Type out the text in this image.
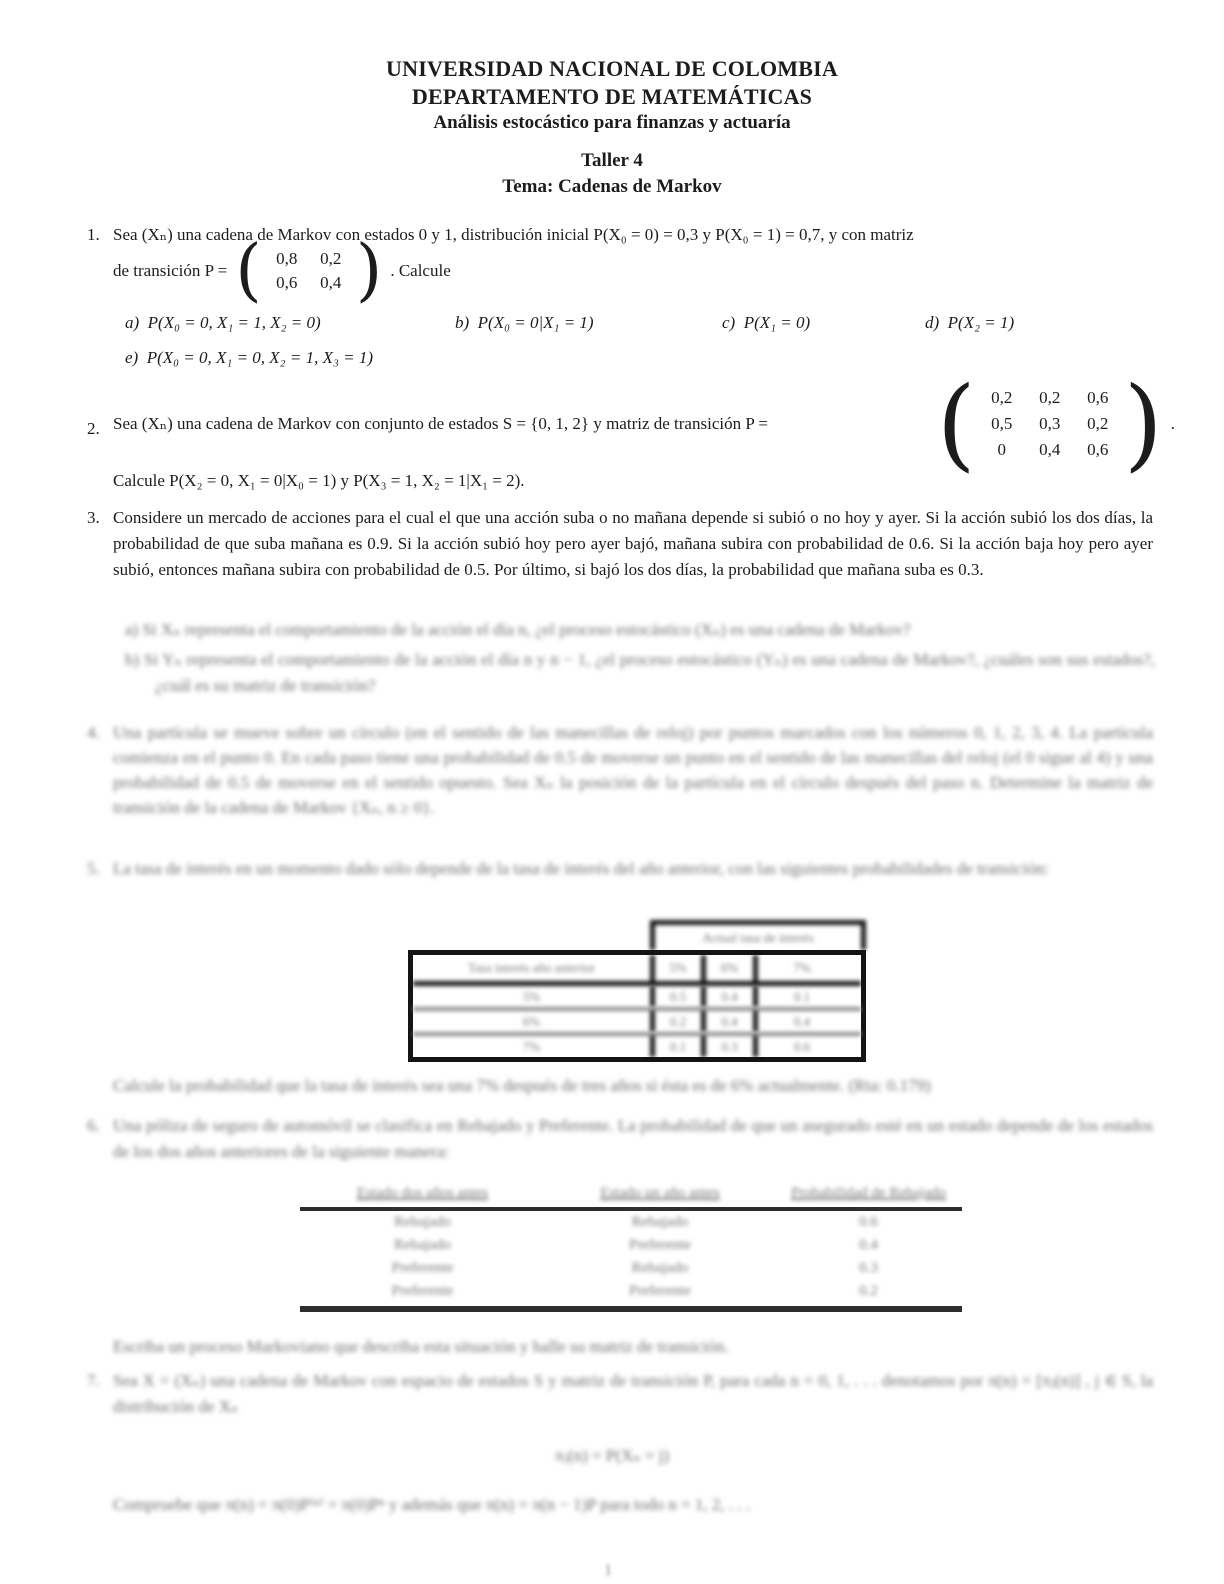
UNIVERSIDAD NACIONAL DE COLOMBIA
DEPARTAMENTO DE MATEMÁTICAS
Análisis estocástico para finanzas y actuaría
Taller 4
Tema: Cadenas de Markov
1. Sea (Xₙ) una cadena de Markov con estados 0 y 1, distribución inicial P(X₀ = 0) = 0,3 y P(X₀ = 1) = 0,7, y con matriz
de transición P = ( 0,8	0,2
0,6	0,4 ) . Calcule
a) P(X₀ = 0, X₁ = 1, X₂ = 0)	b) P(X₀ = 0|X₁ = 1)	c) P(X₁ = 0)	d) P(X₂ = 1)
e) P(X₀ = 0, X₁ = 0, X₂ = 1, X₃ = 1)
2. Sea (Xₙ) una cadena de Markov con conjunto de estados S = {0, 1, 2} y matriz de transición P = ( 0,2	0,2	0,6
0,5	0,3	0,2
0	0,4	0,6 ) .
Calcule P(X₂ = 0, X₁ = 0|X₀ = 1) y P(X₃ = 1, X₂ = 1|X₁ = 2).
3. Considere un mercado de acciones para el cual el que una acción suba o no mañana depende si subió o no hoy y ayer. Si la acción subió los dos días, la probabilidad de que suba mañana es 0.9. Si la acción subió hoy pero ayer bajó, mañana subira con probabilidad de 0.6. Si la acción baja hoy pero ayer subió, entonces mañana subira con probabilidad de 0.5. Por último, si bajó los dos días, la probabilidad que mañana suba es 0.3.
a) Si Xₙ representa el comportamiento de la acción el día n, ¿el proceso estocástico (Xₙ) es una cadena de Markov?
b) Si Yₙ representa el comportamiento de la acción el día n y n − 1, ¿el proceso estocástico (Yₙ) es una cadena de Markov?, ¿cuáles son sus estados?, ¿cuál es su matriz de transición?
4. Una partícula se mueve sobre un círculo (en el sentido de las manecillas de reloj) por puntos marcados con los números 0, 1, 2, 3, 4. La partícula comienza en el punto 0. En cada paso tiene una probabilidad de 0.5 de moverse un punto en el sentido de las manecillas del reloj (el 0 sigue al 4) y una probabilidad de 0.5 de moverse en el sentido opuesto. Sea Xₙ la posición de la partícula en el círculo después del paso n. Determine la matriz de transición de la cadena de Markov {Xₙ, n ≥ 0}.
5. La tasa de interés en un momento dado sólo depende de la tasa de interés del año anterior, con las siguientes probabilidades de transición:
Actual tasa de interés
Tasa interés año anterior	5%	6%	7%
5%	0.5	0.4	0.1
6%	0.2	0.4	0.4
7%	0.1	0.3	0.6
Calcule la probabilidad que la tasa de interés sea una 7% después de tres años si ésta es de 6% actualmente. (Rta: 0.179)
6. Una póliza de seguro de automóvil se clasifica en Rebajado y Preferente. La probabilidad de que un asegurado esté en un estado depende de los estados de los dos años anteriores de la siguiente manera:
Estado dos años antes	Estado un año antes	Probabilidad de Rebajado
Rebajado	Rebajado	0.6
Rebajado	Preferente	0.4
Preferente	Rebajado	0.3
Preferente	Preferente	0.2
Escriba un proceso Markoviano que describa esta situación y halle su matriz de transición.
7. Sea X = (Xₙ) una cadena de Markov con espacio de estados S y matriz de transición P, para cada n = 0, 1, . . . denotamos por π(n) = [πⱼ(n)] , j ∈ S, la distribución de Xₙ
πⱼ(n) = P(Xₙ = j)
Compruebe que π(n) = π(0)P⁽ⁿ⁾ = π(0)Pⁿ y además que π(n) = π(n − 1)P para todo n = 1, 2, . . .
1
